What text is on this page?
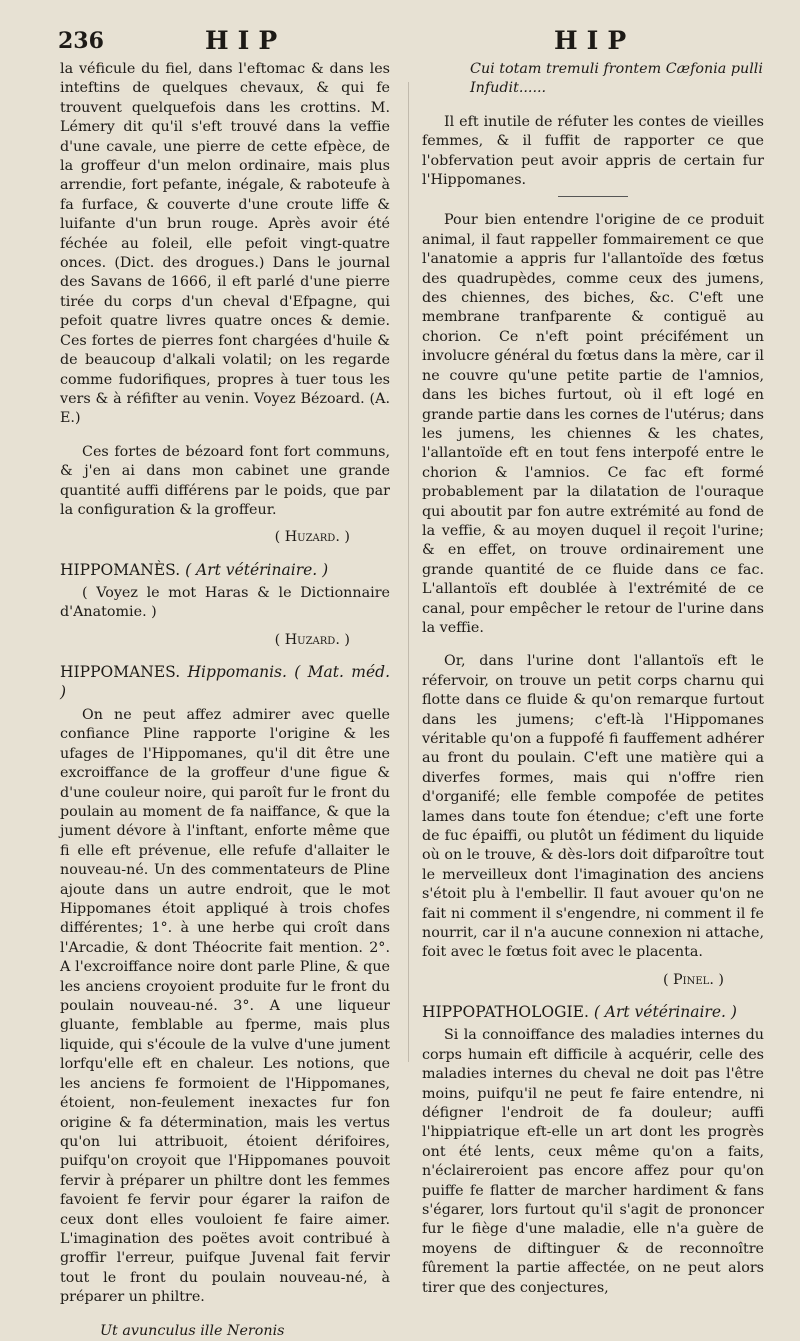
236	HIP	HIP

la véficule du fiel, dans l'eftomac & dans les inteftins de quelques chevaux, & qui fe trouvent quelquefois dans les crottins. M. Lémery dit qu'il s'eft trouvé dans la veffie d'une cavale, une pierre de cette efpèce, de la groffeur d'un melon ordinaire, mais plus arrendie, fort pefante, inégale, & raboteufe à fa furface, & couverte d'une croute liffe & luifante d'un brun rouge. Après avoir été féchée au foleil, elle pefoit vingt-quatre onces. (Dict. des drogues.) Dans le journal des Savans de 1666, il eft parlé d'une pierre tirée du corps d'un cheval d'Efpagne, qui pefoit quatre livres quatre onces & demie. Ces fortes de pierres font chargées d'huile & de beaucoup d'alkali volatil; on les regarde comme fudorifiques, propres à tuer tous les vers & à réfifter au venin. Voyez Bézoard. (A. E.)

Ces fortes de bézoard font fort communs, & j'en ai dans mon cabinet une grande quantité auffi différens par le poids, que par la configuration & la groffeur.

( Huzard. )

HIPPOMANÈS. ( Art vétérinaire. )

( Voyez le mot Haras & le Dictionnaire d'Anatomie. )

( Huzard. )

HIPPOMANES. Hippomanis. ( Mat. méd. )

On ne peut affez admirer avec quelle confiance Pline rapporte l'origine & les ufages de l'Hippomanes, qu'il dit être une excroiffance de la groffeur d'une figue & d'une couleur noire, qui paroît fur le front du poulain au moment de fa naiffance, & que la jument dévore à l'inftant, enforte même que fi elle eft prévenue, elle refufe d'allaiter le nouveau-né. Un des commentateurs de Pline ajoute dans un autre endroit, que le mot Hippomanes étoit appliqué à trois chofes différentes; 1°. à une herbe qui croît dans l'Arcadie, & dont Théocrite fait mention. 2°. A l'excroiffance noire dont parle Pline, & que les anciens croyoient produite fur le front du poulain nouveau-né. 3°. A une liqueur gluante, femblable au fperme, mais plus liquide, qui s'écoule de la vulve d'une jument lorfqu'elle eft en chaleur. Les notions, que les anciens fe formoient de l'Hippomanes, étoient, non-feulement inexactes fur fon origine & fa détermination, mais les vertus qu'on lui attribuoit, étoient dérifoires, puifqu'on croyoit que l'Hippomanes pouvoit fervir à préparer un philtre dont les femmes favoient fe fervir pour égarer la raifon de ceux dont elles vouloient fe faire aimer. L'imagination des poëtes avoit contribué à groffir l'erreur, puifque Juvenal fait fervir tout le front du poulain nouveau-né, à préparer un philtre.

Ut avunculus ille Neronis

Cui totam tremuli frontem Cæfonia pulli

Infudit......

Il eft inutile de réfuter les contes de vieilles femmes, & il fuffit de rapporter ce que l'obfervation peut avoir appris de certain fur l'Hippomanes.

Pour bien entendre l'origine de ce produit animal, il faut rappeller fommairement ce que l'anatomie a appris fur l'allantoïde des fœtus des quadrupèdes, comme ceux des jumens, des chiennes, des biches, &c. C'eft une membrane tranfparente & contiguë au chorion. Ce n'eft point précifément un involucre général du fœtus dans la mère, car il ne couvre qu'une petite partie de l'amnios, dans les biches furtout, où il eft logé en grande partie dans les cornes de l'utérus; dans les jumens, les chiennes & les chates, l'allantoïde eft en tout fens interpofé entre le chorion & l'amnios. Ce fac eft formé probablement par la dilatation de l'ouraque qui aboutit par fon autre extrémité au fond de la veffie, & au moyen duquel il reçoit l'urine; & en effet, on trouve ordinairement une grande quantité de ce fluide dans ce fac. L'allantoïs eft doublée à l'extrémité de ce canal, pour empêcher le retour de l'urine dans la veffie.

Or, dans l'urine dont l'allantoïs eft le réfervoir, on trouve un petit corps charnu qui flotte dans ce fluide & qu'on remarque furtout dans les jumens; c'eft-là l'Hippomanes véritable qu'on a fuppofé fi fauffement adhérer au front du poulain. C'eft une matière qui a diverfes formes, mais qui n'offre rien d'organifé; elle femble compofée de petites lames dans toute fon étendue; c'eft une forte de fuc épaiffi, ou plutôt un fédiment du liquide où on le trouve, & dès-lors doit difparoître tout le merveilleux dont l'imagination des anciens s'étoit plu à l'embellir. Il faut avouer qu'on ne fait ni comment il s'engendre, ni comment il fe nourrit, car il n'a aucune connexion ni attache, foit avec le fœtus foit avec le placenta.

( Pinel. )

HIPPOPATHOLOGIE. ( Art vétérinaire. )

Si la connoiffance des maladies internes du corps humain eft difficile à acquérir, celle des maladies internes du cheval ne doit pas l'être moins, puifqu'il ne peut fe faire entendre, ni défigner l'endroit de fa douleur; auffi l'hippiatrique eft-elle un art dont les progrès ont été lents, ceux même qu'on a faits, n'éclaireroient pas encore affez pour qu'on puiffe fe flatter de marcher hardiment & fans s'égarer, lors furtout qu'il s'agit de prononcer fur le fiège d'une maladie, elle n'a guère de moyens de diftinguer & de reconnoître fûrement la partie affectée, on ne peut alors tirer que des conjectures,
